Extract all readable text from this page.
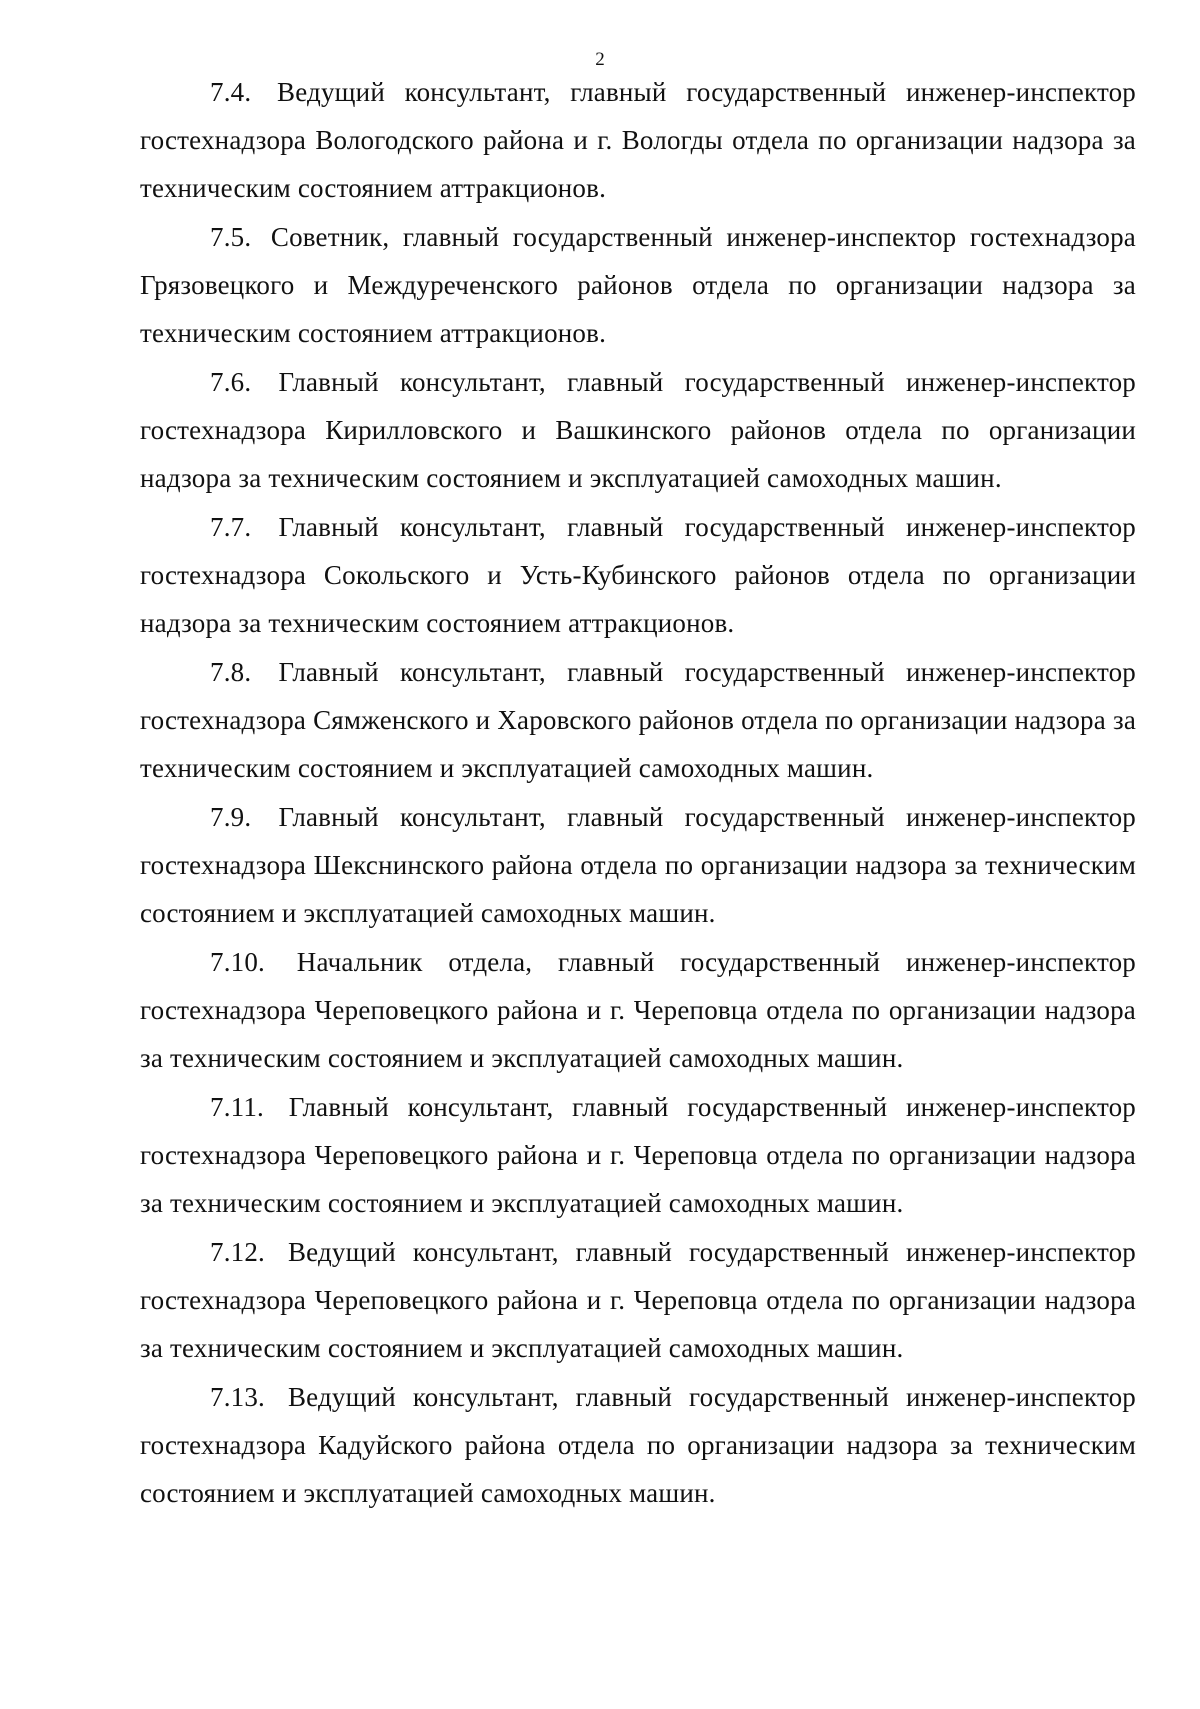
2

7.4. Ведущий консультант, главный государственный инженер-инспектор гостехнадзора Вологодского района и г. Вологды отдела по организации надзора за техническим состоянием аттракционов.

7.5. Советник, главный государственный инженер-инспектор гостехнадзора Грязовецкого и Междуреченского районов отдела по организации надзора за техническим состоянием аттракционов.

7.6. Главный консультант, главный государственный инженер-инспектор гостехнадзора Кирилловского и Вашкинского районов отдела по организации надзора за техническим состоянием и эксплуатацией самоходных машин.

7.7. Главный консультант, главный государственный инженер-инспектор гостехнадзора Сокольского и Усть-Кубинского районов отдела по организации надзора за техническим состоянием аттракционов.

7.8. Главный консультант, главный государственный инженер-инспектор гостехнадзора Сямженского и Харовского районов отдела по организации надзора за техническим состоянием и эксплуатацией самоходных машин.

7.9. Главный консультант, главный государственный инженер-инспектор гостехнадзора Шекснинского района отдела по организации надзора за техническим состоянием и эксплуатацией самоходных машин.

7.10. Начальник отдела, главный государственный инженер-инспектор гостехнадзора Череповецкого района и г. Череповца отдела по организации надзора за техническим состоянием и эксплуатацией самоходных машин.

7.11. Главный консультант, главный государственный инженер-инспектор гостехнадзора Череповецкого района и г. Череповца отдела по организации надзора за техническим состоянием и эксплуатацией самоходных машин.

7.12. Ведущий консультант, главный государственный инженер-инспектор гостехнадзора Череповецкого района и г. Череповца отдела по организации надзора за техническим состоянием и эксплуатацией самоходных машин.

7.13. Ведущий консультант, главный государственный инженер-инспектор гостехнадзора Кадуйского района отдела по организации надзора за техническим состоянием и эксплуатацией самоходных машин.
